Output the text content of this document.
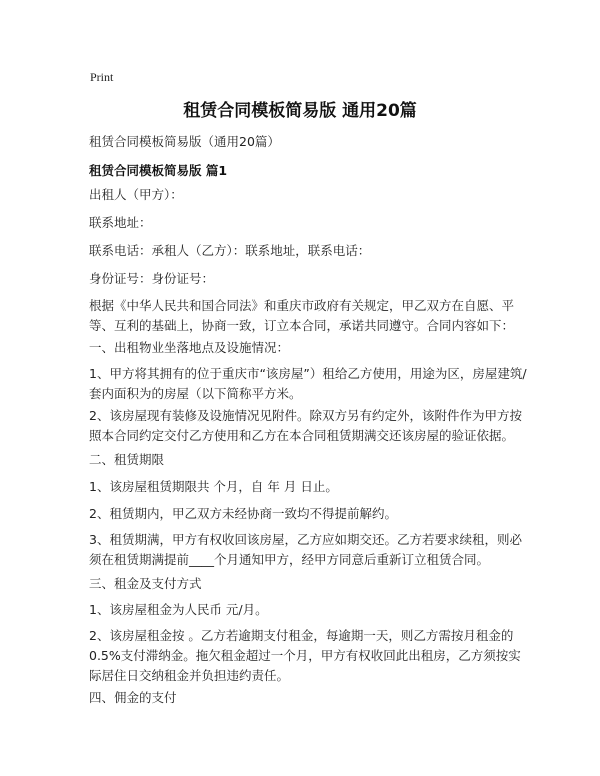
Print
租赁合同模板简易版 通用20篇
租赁合同模板简易版（通用20篇）
租赁合同模板简易版 篇1
出租人（甲方）：
联系地址：
联系电话：承租人（乙方）：联系地址，联系电话：
身份证号：身份证号：
根据《中华人民共和国合同法》和重庆市政府有关规定，甲乙双方在自愿、平等、互利的基础上，协商一致，订立本合同，承诺共同遵守。合同内容如下：
一、出租物业坐落地点及设施情况：
1、甲方将其拥有的位于重庆市“该房屋”）租给乙方使用，用途为区，房屋建筑/套内面积为的房屋（以下简称平方米。
2、该房屋现有装修及设施情况见附件。除双方另有约定外，该附件作为甲方按照本合同约定交付乙方使用和乙方在本合同租赁期满交还该房屋的验证依据。
二、租赁期限
1、该房屋租赁期限共 个月，自 年 月 日止。
2、租赁期内，甲乙双方未经协商一致均不得提前解约。
3、租赁期满，甲方有权收回该房屋，乙方应如期交还。乙方若要求续租，则必须在租赁期满提前____个月通知甲方，经甲方同意后重新订立租赁合同。
三、租金及支付方式
1、该房屋租金为人民币 元/月。
2、该房屋租金按 。乙方若逾期支付租金，每逾期一天，则乙方需按月租金的0.5%支付滞纳金。拖欠租金超过一个月，甲方有权收回此出租房，乙方须按实际居住日交纳租金并负担违约责任。
四、佣金的支付
